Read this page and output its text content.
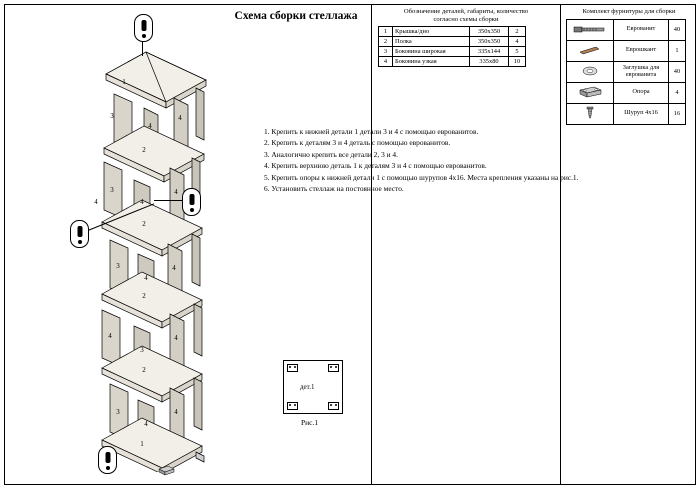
Схема сборки стеллажа	Обозначение деталей, габариты, количество
согласно схемы сборки
1	Крышка/дно	350х350	2
2	Полка	350х350	4
3	Боковина широкая	335х144	5
4	Боковина узкая	335х80	10
Комплект фурнитуры для сборки
	Еврованит	40
	Еврошкант	1
	Заглушка для еврованита	40
	Опора	4
	Шуруп 4х16	16
1. Крепить к нижней детали 1 детали 3 и 4 с помощью еврованитов.
2. Крепить к деталям 3 и 4 деталь с помощью еврованитов.
3. Аналогично крепить все детали 2, 3 и 4.
4. Крепить верхнюю деталь 1 к деталям 3 и 4 с помощью еврованитов.
5. Крепить опоры к нижней детали 1 с помощью шурупов 4х16. Места крепления указаны на рис.1.
6. Установить стеллаж на постоянное место.
дет.1
Рис.1
1
3
4
4
2
3
4
4
4
2
3
4
4
2
4
3
4
2
3
4
4
1
